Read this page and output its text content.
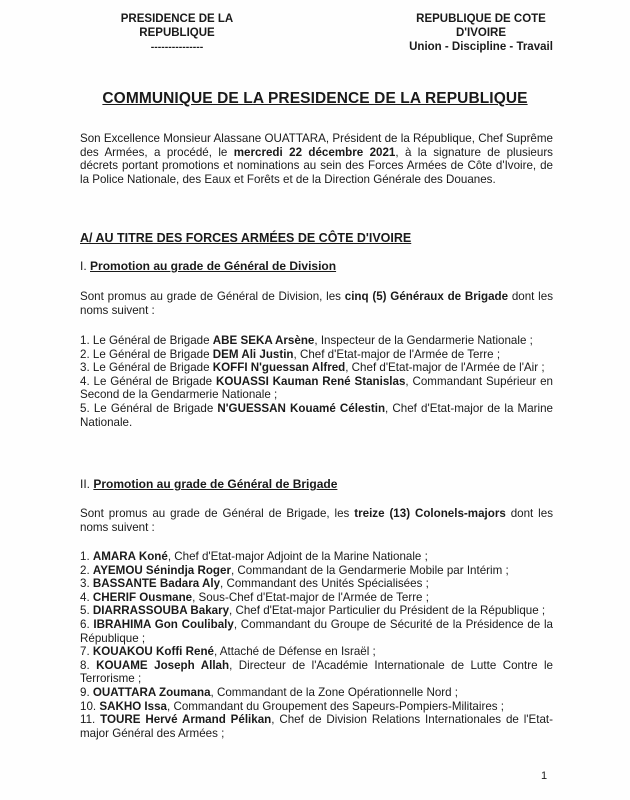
PRESIDENCE DE LA REPUBLIQUE
---------------
REPUBLIQUE DE COTE D'IVOIRE
Union - Discipline - Travail
COMMUNIQUE DE LA PRESIDENCE DE LA REPUBLIQUE

Son Excellence Monsieur Alassane OUATTARA, Président de la République, Chef Suprême des Armées, a procédé, le mercredi 22 décembre 2021, à la signature de plusieurs décrets portant promotions et nominations au sein des Forces Armées de Côte d'Ivoire, de la Police Nationale, des Eaux et Forêts et de la Direction Générale des Douanes.

A/ AU TITRE DES FORCES ARMÉES DE CÔTE D'IVOIRE
I. Promotion au grade de Général de Division

Sont promus au grade de Général de Division, les cinq (5) Généraux de Brigade dont les noms suivent :

1. Le Général de Brigade ABE SEKA Arsène, Inspecteur de la Gendarmerie Nationale ;
2. Le Général de Brigade DEM Ali Justin, Chef d'Etat-major de l'Armée de Terre ;
3. Le Général de Brigade KOFFI N'guessan Alfred, Chef d'Etat-major de l'Armée de l'Air ;
4. Le Général de Brigade KOUASSI Kauman René Stanislas, Commandant Supérieur en Second de la Gendarmerie Nationale ;
5. Le Général de Brigade N'GUESSAN Kouamé Célestin, Chef d'Etat-major de la Marine Nationale.
II. Promotion au grade de Général de Brigade

Sont promus au grade de Général de Brigade, les treize (13) Colonels-majors dont les noms suivent :

1. AMARA Koné, Chef d'Etat-major Adjoint de la Marine Nationale ;
2. AYEMOU Sénindja Roger, Commandant de la Gendarmerie Mobile par Intérim ;
3. BASSANTE Badara Aly, Commandant des Unités Spécialisées ;
4. CHERIF Ousmane, Sous-Chef d'Etat-major de l'Armée de Terre ;
5. DIARRASSOUBA Bakary, Chef d'Etat-major Particulier du Président de la République ;
6. IBRAHIMA Gon Coulibaly, Commandant du Groupe de Sécurité de la Présidence de la République ;
7. KOUAKOU Koffi René, Attaché de Défense en Israël ;
8. KOUAME Joseph Allah, Directeur de l'Académie Internationale de Lutte Contre le Terrorisme ;
9. OUATTARA Zoumana, Commandant de la Zone Opérationnelle Nord ;
10. SAKHO Issa, Commandant du Groupement des Sapeurs-Pompiers-Militaires ;
11. TOURE Hervé Armand Pélikan, Chef de Division Relations Internationales de l'Etat-major Général des Armées ;
1
